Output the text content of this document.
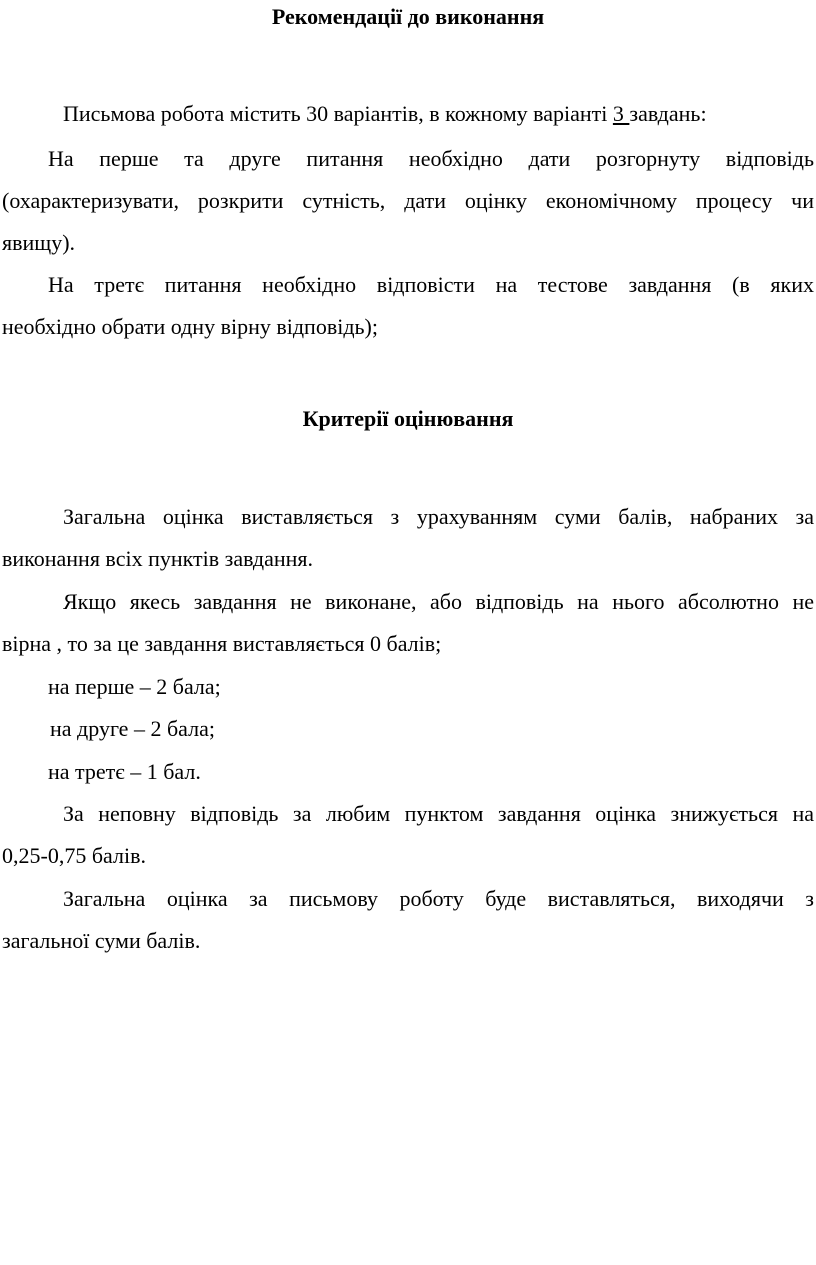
Рекомендації до виконання
Письмова робота містить 30 варіантів, в кожному варіанті 3 завдань:
На перше та друге питання необхідно дати розгорнуту відповідь
(охарактеризувати, розкрити сутність, дати оцінку економічному процесу чи
явищу).
На третє питання необхідно відповісти на тестове завдання (в яких
необхідно обрати одну вірну відповідь);
Критерії оцінювання
Загальна оцінка виставляється з урахуванням суми балів, набраних за
виконання всіх пунктів завдання.
Якщо якесь завдання не виконане, або відповідь на нього абсолютно не
вірна , то за це завдання виставляється 0 балів;
на перше – 2 бала;
на друге – 2 бала;
на третє – 1 бал.
За неповну відповідь за любим пунктом завдання оцінка знижується на
0,25-0,75 балів.
Загальна оцінка за письмову роботу буде виставляться, виходячи з
загальної суми балів.
